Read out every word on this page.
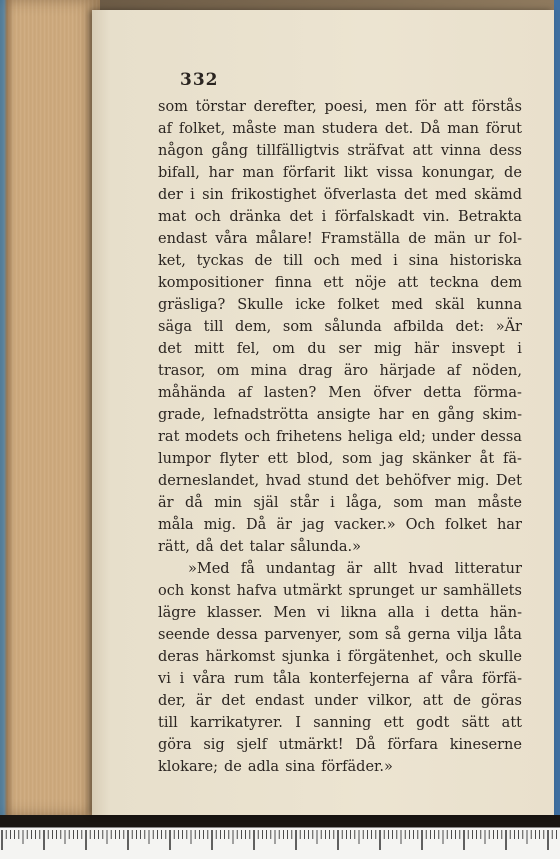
332
som törstar derefter, poesi, men för att förstås
af folket, måste man studera det. Då man förut
någon gång tillfälligtvis sträfvat att vinna dess
bifall, har man förfarit likt vissa konungar, de
der i sin frikostighet öfverlasta det med skämd
mat och dränka det i förfalskadt vin. Betrakta
endast våra målare! Framställa de män ur fol-
ket, tyckas de till och med i sina historiska
kompositioner finna ett nöje att teckna dem
gräsliga? Skulle icke folket med skäl kunna
säga till dem, som sålunda afbilda det: »Är
det mitt fel, om du ser mig här insvept i
trasor, om mina drag äro härjade af nöden,
måhända af lasten? Men öfver detta förma-
grade, lefnadströtta ansigte har en gång skim-
rat modets och frihetens heliga eld; under dessa
lumpor flyter ett blod, som jag skänker åt fä-
derneslandet, hvad stund det behöfver mig. Det
är då min själ står i låga, som man måste
måla mig. Då är jag vacker.» Och folket har
rätt, då det talar sålunda.»
»Med få undantag är allt hvad litteratur
och konst hafva utmärkt sprunget ur samhällets
lägre klasser. Men vi likna alla i detta hän-
seende dessa parvenyer, som så gerna vilja låta
deras härkomst sjunka i förgätenhet, och skulle
vi i våra rum tåla konterfejerna af våra förfä-
der, är det endast under vilkor, att de göras
till karrikatyrer. I sanning ett godt sätt att
göra sig sjelf utmärkt! Då förfara kineserne
klokare; de adla sina förfäder.»
